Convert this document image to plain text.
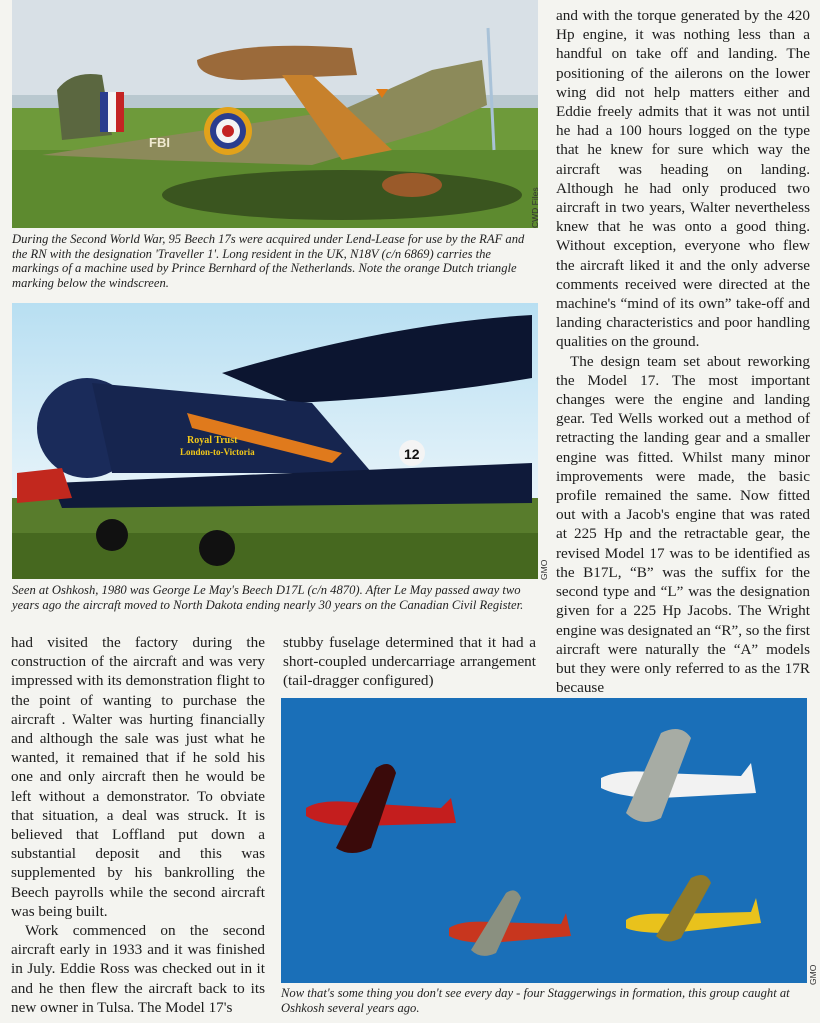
FBI
CWD Files

During the Second World War, 95 Beech 17s were acquired under Lend-Lease for use by the RAF and the RN with the designation 'Traveller 1'. Long resident in the UK, N18V (c/n 6869) carries the markings of a machine used by Prince Bernhard of the Netherlands. Note the orange Dutch triangle marking below the windscreen.

Royal Trust
London-to-Victoria	12
GMO

Seen at Oshkosh, 1980 was George Le May's Beech D17L (c/n 4870). After Le May passed away two years ago the aircraft moved to North Dakota ending nearly 30 years on the Canadian Civil Register.

and with the torque generated by the 420 Hp engine, it was nothing less than a handful on take off and landing. The positioning of the ailerons on the lower wing did not help matters either and Eddie freely admits that it was not until he had a 100 hours logged on the type that he knew for sure which way the aircraft was heading on landing. Although he had only produced two aircraft in two years, Walter nevertheless knew that he was onto a good thing. Without exception, everyone who flew the aircraft liked it and the only adverse comments received were directed at the machine's “mind of its own” take-off and landing characteristics and poor handling qualities on the ground.

The design team set about reworking the Model 17. The most important changes were the engine and landing gear. Ted Wells worked out a method of retracting the landing gear and a smaller engine was fitted. Whilst many minor improvements were made, the basic profile remained the same. Now fitted out with a Jacob's engine that was rated at 225 Hp and the retractable gear, the revised Model 17 was to be identified as the B17L, “B” was the suffix for the second type and “L” was the designation given for a 225 Hp Jacobs. The Wright engine was designated an “R”, so the first aircraft were naturally the “A” models but they were only referred to as the 17R because

had visited the factory during the construction of the aircraft and was very impressed with its demonstration flight to the point of wanting to purchase the aircraft . Walter was hurting financially and although the sale was just what he wanted, it remained that if he sold his one and only aircraft then he would be left without a demonstrator. To obviate that situation, a deal was struck. It is believed that Loffland put down a substantial deposit and this was supplemented by his bankrolling the Beech payrolls while the second aircraft was being built.

Work commenced on the second aircraft early in 1933 and it was finished in July. Eddie Ross was checked out in it and he then flew the aircraft back to its new owner in Tulsa. The Model 17's

stubby fuselage determined that it had a short-coupled undercarriage arrangement (tail-dragger configured)

GMO

Now that's some thing you don't see every day - four Staggerwings in formation, this group caught at Oshkosh several years ago.
